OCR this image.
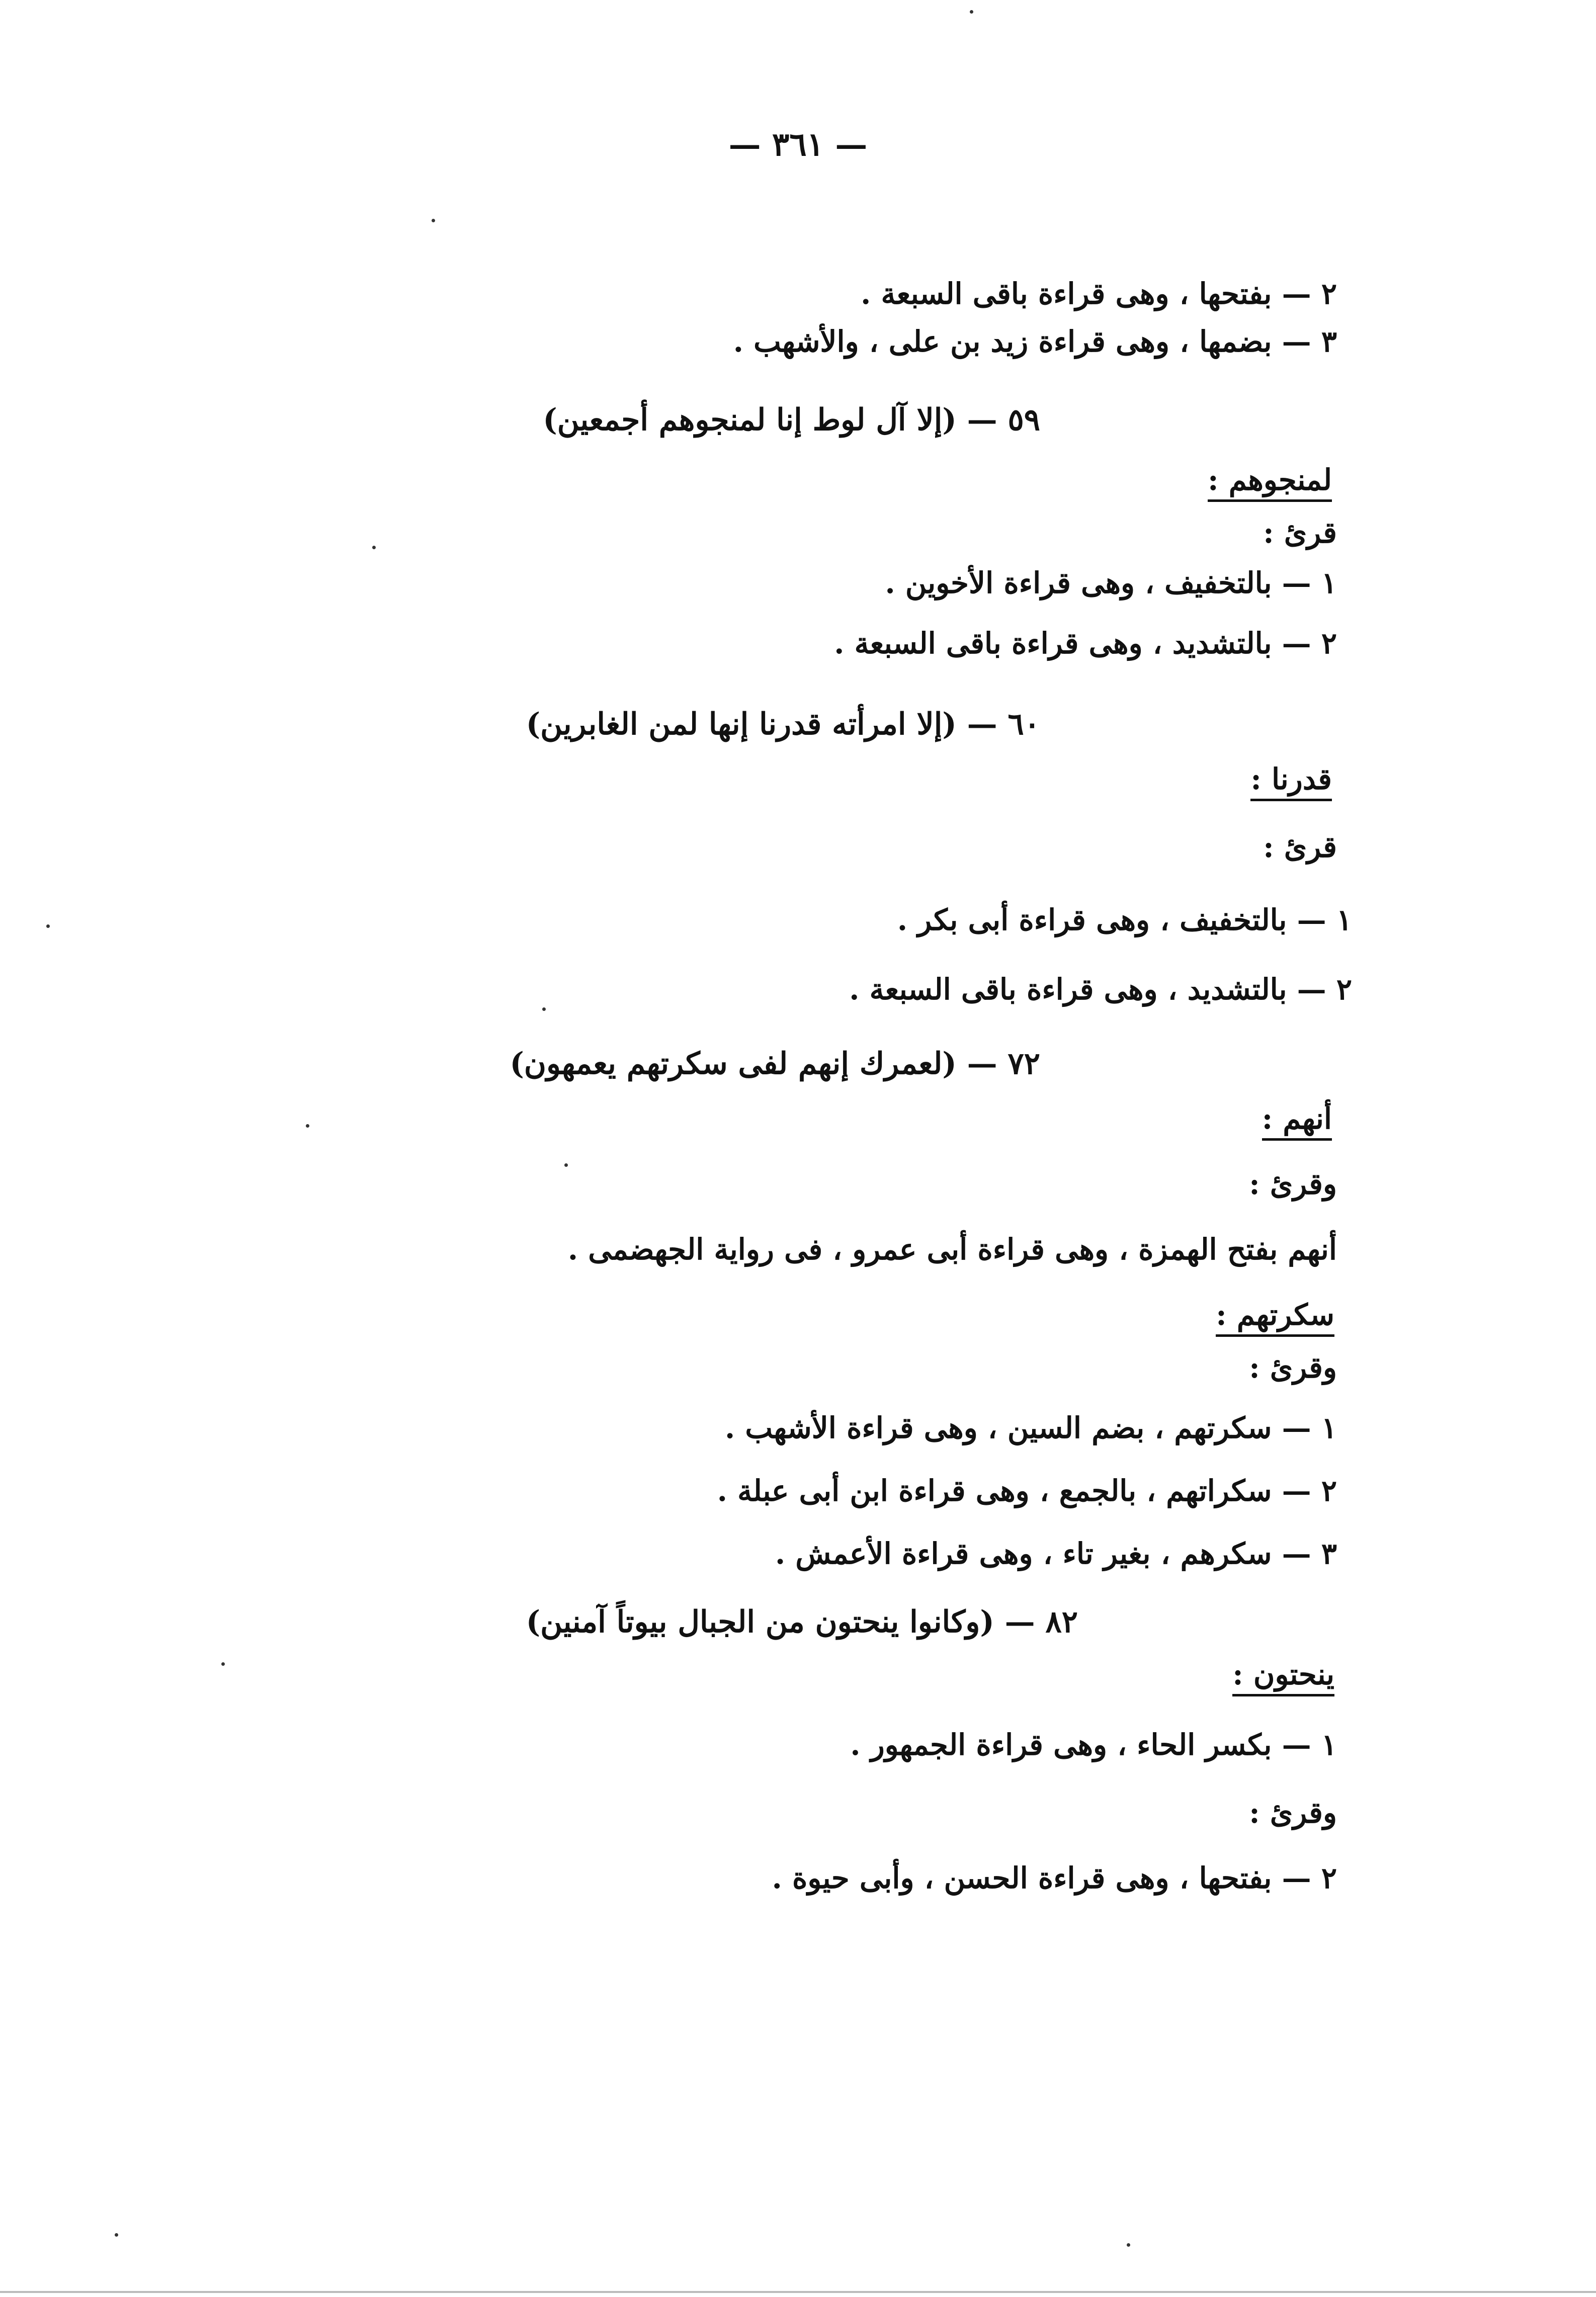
— ٣٦١ —
٢ — بفتحها ، وهى قراءة باقى السبعة .
٣ — بضمها ، وهى قراءة زيد بن على ، والأشهب .
٥٩ — (إلا آل لوط إنا لمنجوهم أجمعين)
لمنجوهم :
قرئ :
١ — بالتخفيف ، وهى قراءة الأخوين .
٢ — بالتشديد ، وهى قراءة باقى السبعة .
٦٠ — (إلا امرأته قدرنا إنها لمن الغابرين)
قدرنا :
قرئ :
١ — بالتخفيف ، وهى قراءة أبى بكر .
٢ — بالتشديد ، وهى قراءة باقى السبعة .
٧٢ — (لعمرك إنهم لفى سكرتهم يعمهون)
أنهم :
وقرئ :
أنهم بفتح الهمزة ، وهى قراءة أبى عمرو ، فى رواية الجهضمى .
سكرتهم :
وقرئ :
١ — سكرتهم ، بضم السين ، وهى قراءة الأشهب .
٢ — سكراتهم ، بالجمع ، وهى قراءة ابن أبى عبلة .
٣ — سكرهم ، بغير تاء ، وهى قراءة الأعمش .
٨٢ — (وكانوا ينحتون من الجبال بيوتاً آمنين)
ينحتون :
١ — بكسر الحاء ، وهى قراءة الجمهور .
وقرئ :
٢ — بفتحها ، وهى قراءة الحسن ، وأبى حيوة .
